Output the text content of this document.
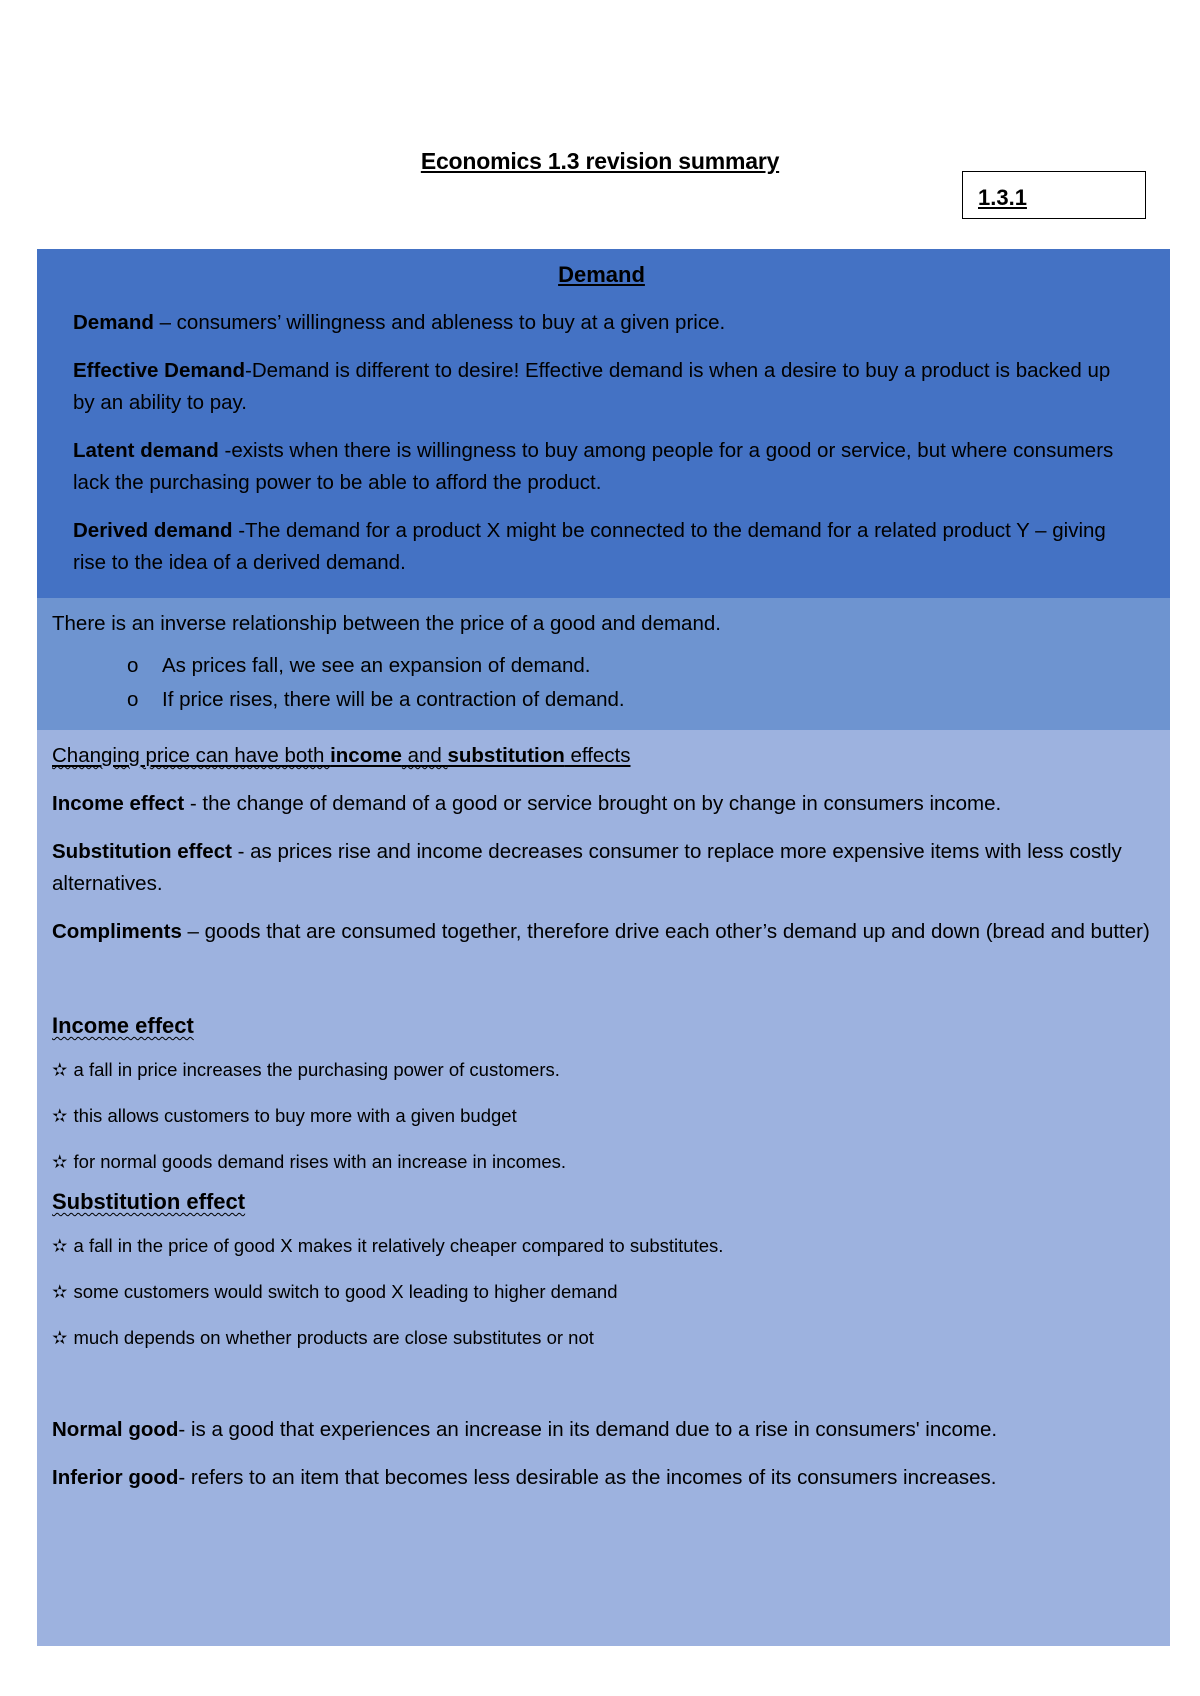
Economics 1.3 revision summary
1.3.1

Demand

Demand – consumers’ willingness and ableness to buy at a given price.

Effective Demand-Demand is different to desire! Effective demand is when a desire to buy a product is backed up by an ability to pay.

Latent demand -exists when there is willingness to buy among people for a good or service, but where consumers lack the purchasing power to be able to afford the product.

Derived demand -The demand for a product X might be connected to the demand for a related product Y – giving rise to the idea of a derived demand.

There is an inverse relationship between the price of a good and demand.

o As prices fall, we see an expansion of demand.
o If price rises, there will be a contraction of demand.

Changing price can have both income and substitution effects

Income effect - the change of demand of a good or service brought on by change in consumers income.

Substitution effect - as prices rise and income decreases consumer to replace more expensive items with less costly alternatives.

Compliments – goods that are consumed together, therefore drive each other’s demand up and down (bread and butter)

Income effect

✫ a fall in price increases the purchasing power of customers.

✫ this allows customers to buy more with a given budget

✫ for normal goods demand rises with an increase in incomes.

Substitution effect

✫ a fall in the price of good X makes it relatively cheaper compared to substitutes.

✫ some customers would switch to good X leading to higher demand

✫ much depends on whether products are close substitutes or not

Normal good- is a good that experiences an increase in its demand due to a rise in consumers' income.

Inferior good- refers to an item that becomes less desirable as the incomes of its consumers increases.
